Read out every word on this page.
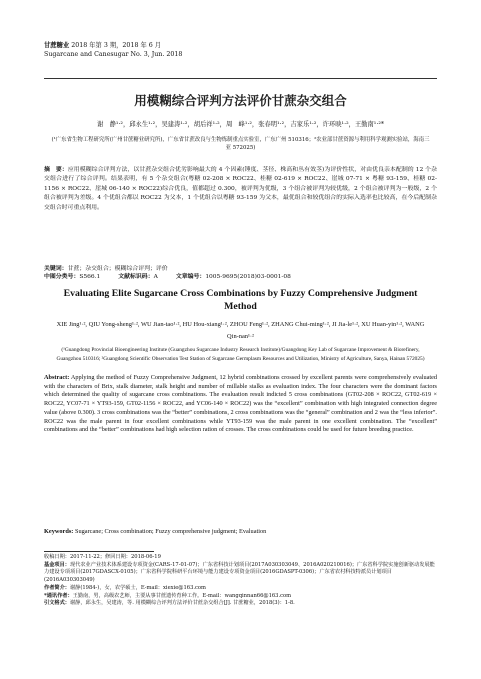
甘蔗糖业 2018 年第 3 期，2018 年 6 月
Sugarcane and Canesugar No. 3, Jun. 2018
用模糊综合评判方法评价甘蔗杂交组合
谢　静¹·²，邱永生¹·²，吴建涛¹·²，胡后祥¹·²，周　峰¹·²，张春明¹·²，吉家乐¹·²，许环映¹·²，王勤南¹·²*
(¹广东省生物工程研究所(广州甘蔗糖业研究所)，广东省甘蔗改良与生物炼制重点实验室，广东广州 510316；²农业部甘蔗资源与利用科学观测实验站，海南三亚 572025)
摘　要：应用模糊综合评判方法，以甘蔗杂交组合优劣影响最大的 4 个因素(锤度、茎径、株高和丛有效茎)为评价性状，对由优良亲本配制的 12 个杂交组合进行了综合评判。结果表明，有 5 个杂交组合(粤糖 02-208 × ROC22、桂糖 02-619 × ROC22、崖城 07-71 × 粤糖 93-159、桂糖 02-1156 × ROC22、崖城 06-140 × ROC22)综合优良，值都超过 0.300，被评判为优级，3 个组合被评判为较优级，2 个组合被评判为一般级，2 个组合被评判为差级。4 个优组合都以 ROC22 为父本，1 个优组合以粤糖 93-159 为父本，最优组合和较优组合的实际入选率也比较高，在今后配制杂交组合时可重点利用。
关键词：甘蔗；杂交组合；模糊综合评判；评价
中图分类号：S566.1	文献标识码：A	文章编号：1005-9695(2018)03-0001-08
Evaluating Elite Sugarcane Cross Combinations by Fuzzy Comprehensive Judgment Method
XIE Jing¹·², QIU Yong-sheng¹·², WU Jian-tao¹·², HU Hou-xiang¹·², ZHOU Feng¹·², ZHANG Chui-ming¹·², JI Jia-le¹·², XU Huan-yin¹·², WANG Qin-nan¹·²
(¹Guangdong Provincial Bioengineering Institute (Guangzhou Sugarcane Industry Research Institute)/Guangdong Key Lab of Sugarcane Improvement & Biorefinery, Guangzhou 510316; ²Guangdong Scientific Observation Test Station of Sugarcane Germplasm Resources and Utilization, Ministry of Agriculture, Sanya, Hainan 572025)
Abstract: Applying the method of Fuzzy Comprehensive Judgment, 12 hybrid combinations crossed by excellent parents were comprehensively evaluated with the characters of Brix, stalk diameter, stalk height and number of millable stalks as evaluation index. The four characters were the dominant factors which determined the quality of sugarcane cross combinations. The evaluation result indicted 5 cross combinations (GT02-208 × ROC22, GT02-619 × ROC22, YC07-71 × YT93-159, GT02-1156 × ROC22, and YC06-140 × ROC22) was the “excellent” combination with high integrated connection degree value (above 0.300). 3 cross combinations was the “better” combinations, 2 cross combinations was the “general” combination and 2 was the “less inferior”. ROC22 was the male parent in four excellent combinations while YT93-159 was the male parent in one excellent combination. The “excellent” combinations and the “better” combinations had high selection ration of crosses. The cross combinations could be used for future breeding practice.
Keywords: Sugarcane; Cross combination; Fuzzy comprehensive judgment; Evaluation
收稿日期：2017-11-22；修回日期：2018-06-19
基金项目：现代农业产业技术体系建设专项资金(CARS-17-01-07)；广东省科技计划项目(2017A030303049、2016A020210016)；广东省科学院实施创新驱动发展能力建设专项项目(2017GDASCX-0105)；广东省科学院科研平台环境与能力建设专项资金项目(2016GDASPT-0306)；广东省农村科技特派员计划项目(2016A030303049)
作者简介：谢静(1984-)，女，农学硕士，E-mail：xiexie@163.com
*通讯作者：王勤南，男，高级农艺师，主要从事甘蔗遗传育种工作。E-mail：wangqinnan66@163.com
引文格式：谢静，邱永生，吴建涛，等. 用模糊综合评判方法评价甘蔗杂交组合[J]. 甘蔗糖业，2018(3)：1-8.
